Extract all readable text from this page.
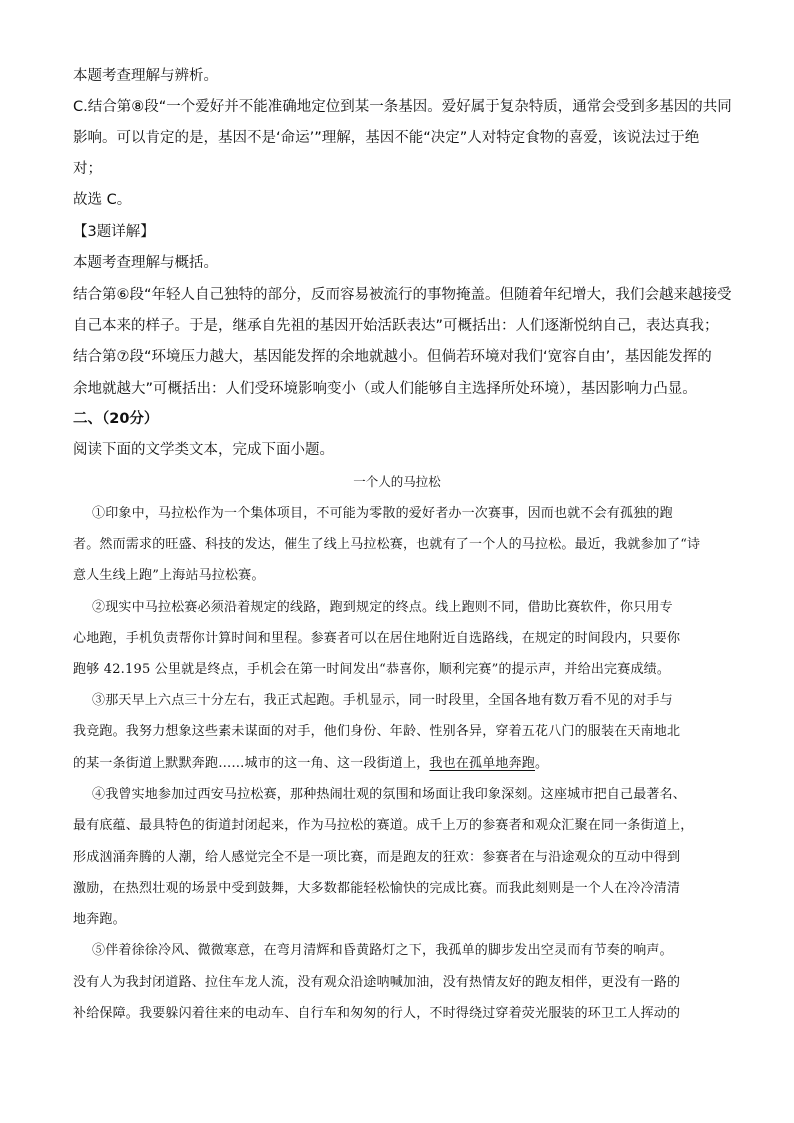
本题考查理解与辨析。
C.结合第⑧段“一个爱好并不能准确地定位到某一条基因。爱好属于复杂特质，通常会受到多基因的共同
影响。可以肯定的是，基因不是‘命运’”理解，基因不能“决定”人对特定食物的喜爱，该说法过于绝
对；
故选 C。
【3题详解】
本题考查理解与概括。
结合第⑥段“年轻人自己独特的部分，反而容易被流行的事物掩盖。但随着年纪增大，我们会越来越接受
自己本来的样子。于是，继承自先祖的基因开始活跃表达”可概括出：人们逐渐悦纳自己，表达真我；
结合第⑦段“环境压力越大，基因能发挥的余地就越小。但倘若环境对我们‘宽容自由’，基因能发挥的
余地就越大”可概括出：人们受环境影响变小（或人们能够自主选择所处环境），基因影响力凸显。
二、（20分）
阅读下面的文学类文本，完成下面小题。
一个人的马拉松
①印象中，马拉松作为一个集体项目，不可能为零散的爱好者办一次赛事，因而也就不会有孤独的跑
者。然而需求的旺盛、科技的发达，催生了线上马拉松赛，也就有了一个人的马拉松。最近，我就参加了“诗
意人生线上跑”上海站马拉松赛。
②现实中马拉松赛必须沿着规定的线路，跑到规定的终点。线上跑则不同，借助比赛软件，你只用专
心地跑，手机负责帮你计算时间和里程。参赛者可以在居住地附近自选路线，在规定的时间段内，只要你
跑够 42.195 公里就是终点，手机会在第一时间发出“恭喜你，顺利完赛”的提示声，并给出完赛成绩。
③那天早上六点三十分左右，我正式起跑。手机显示，同一时段里，全国各地有数万看不见的对手与
我竞跑。我努力想象这些素未谋面的对手，他们身份、年龄、性别各异，穿着五花八门的服装在天南地北
的某一条街道上默默奔跑……城市的这一角、这一段街道上，我也在孤单地奔跑。
④我曾实地参加过西安马拉松赛，那种热闹壮观的氛围和场面让我印象深刻。这座城市把自己最著名、
最有底蕴、最具特色的街道封闭起来，作为马拉松的赛道。成千上万的参赛者和观众汇聚在同一条街道上，
形成汹涌奔腾的人潮，给人感觉完全不是一项比赛，而是跑友的狂欢：参赛者在与沿途观众的互动中得到
激励，在热烈壮观的场景中受到鼓舞，大多数都能轻松愉快的完成比赛。而我此刻则是一个人在冷冷清清
地奔跑。
⑤伴着徐徐冷风、微微寒意，在弯月清辉和昏黄路灯之下，我孤单的脚步发出空灵而有节奏的响声。
没有人为我封闭道路、拉住车龙人流，没有观众沿途呐喊加油，没有热情友好的跑友相伴，更没有一路的
补给保障。我要躲闪着往来的电动车、自行车和匆匆的行人，不时得绕过穿着荧光服装的环卫工人挥动的
